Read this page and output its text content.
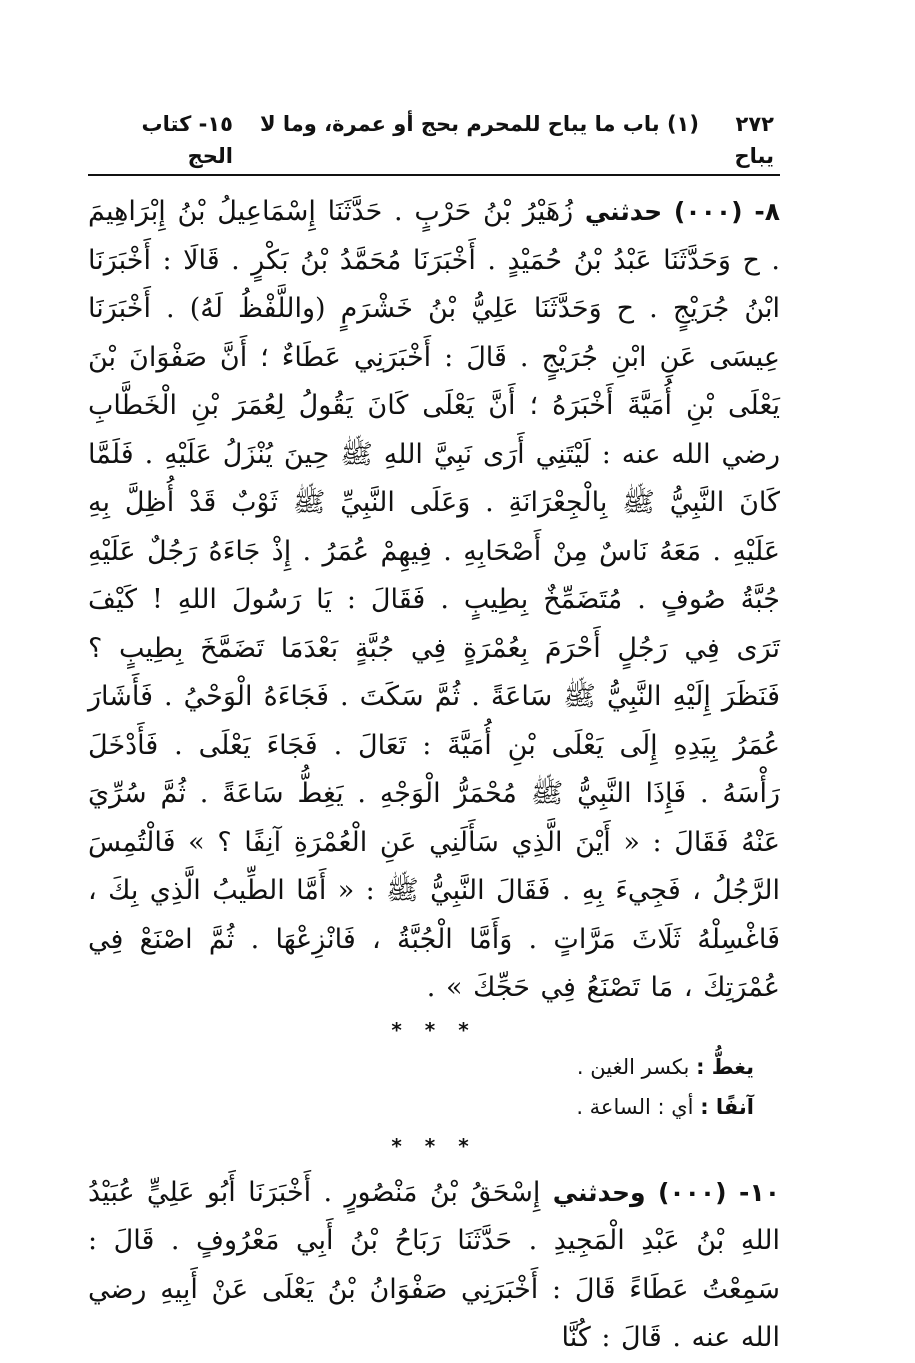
٢٧٢     (١) باب ما يباح للمحرم بحج أو عمرة، وما لا يباح
١٥- كتاب الحج

٨- (٠٠٠) حدثني زُهَيْرُ بْنُ حَرْبٍ . حَدَّثَنَا إِسْمَاعِيلُ بْنُ إِبْرَاهِيمَ . ح وَحَدَّثَنَا عَبْدُ بْنُ حُمَيْدٍ . أَخْبَرَنَا مُحَمَّدُ بْنُ بَكْرٍ . قَالَا : أَخْبَرَنَا ابْنُ جُرَيْجٍ . ح وَحَدَّثَنَا عَلِيُّ بْنُ خَشْرَمٍ (واللَّفْظُ لَهُ) . أَخْبَرَنَا عِيسَى عَنِ ابْنِ جُرَيْجٍ . قَالَ : أَخْبَرَنِي عَطَاءٌ ؛ أَنَّ صَفْوَانَ بْنَ يَعْلَى بْنِ أُمَيَّةَ أَخْبَرَهُ ؛ أَنَّ يَعْلَى كَانَ يَقُولُ لِعُمَرَ بْنِ الْخَطَّابِ رضي الله عنه : لَيْتَنِي أَرَى نَبِيَّ اللهِ ﷺ حِينَ يُنْزَلُ عَلَيْهِ . فَلَمَّا كَانَ النَّبِيُّ ﷺ بِالْجِعْرَانَةِ . وَعَلَى النَّبِيِّ ﷺ ثَوْبٌ قَدْ أُظِلَّ بِهِ عَلَيْهِ . مَعَهُ نَاسٌ مِنْ أَصْحَابِهِ . فِيهِمْ عُمَرُ . إِذْ جَاءَهُ رَجُلٌ عَلَيْهِ جُبَّةُ صُوفٍ . مُتَضَمِّخٌ بِطِيبٍ . فَقَالَ : يَا رَسُولَ اللهِ ! كَيْفَ تَرَى فِي رَجُلٍ أَحْرَمَ بِعُمْرَةٍ فِي جُبَّةٍ بَعْدَمَا تَضَمَّخَ بِطِيبٍ ؟ فَنَظَرَ إِلَيْهِ النَّبِيُّ ﷺ سَاعَةً . ثُمَّ سَكَتَ . فَجَاءَهُ الْوَحْيُ . فَأَشَارَ عُمَرُ بِيَدِهِ إِلَى يَعْلَى بْنِ أُمَيَّةَ : تَعَالَ . فَجَاءَ يَعْلَى . فَأَدْخَلَ رَأْسَهُ . فَإِذَا النَّبِيُّ ﷺ مُحْمَرُّ الْوَجْهِ . يَغِطُّ سَاعَةً . ثُمَّ سُرِّيَ عَنْهُ فَقَالَ : « أَيْنَ الَّذِي سَأَلَنِي عَنِ الْعُمْرَةِ آنِفًا ؟ » فَالْتُمِسَ الرَّجُلُ ، فَجِيءَ بِهِ . فَقَالَ النَّبِيُّ ﷺ : « أَمَّا الطِّيبُ الَّذِي بِكَ ، فَاغْسِلْهُ ثَلَاثَ مَرَّاتٍ . وَأَمَّا الْجُبَّةُ ، فَانْزِعْهَا . ثُمَّ اصْنَعْ فِي عُمْرَتِكَ ، مَا تَصْنَعُ فِي حَجِّكَ » .

* * *
يغطُّ : بكسر الغين .
آنفًا : أي : الساعة .
* * *

١٠- (٠٠٠) وحدثني إِسْحَقُ بْنُ مَنْصُورٍ . أَخْبَرَنَا أَبُو عَلِيٍّ عُبَيْدُ اللهِ بْنُ عَبْدِ الْمَجِيدِ . حَدَّثَنَا رَبَاحُ بْنُ أَبِي مَعْرُوفٍ . قَالَ : سَمِعْتُ عَطَاءً قَالَ : أَخْبَرَنِي صَفْوَانُ بْنُ يَعْلَى عَنْ أَبِيهِ رضي الله عنه . قَالَ : كُنَّا
